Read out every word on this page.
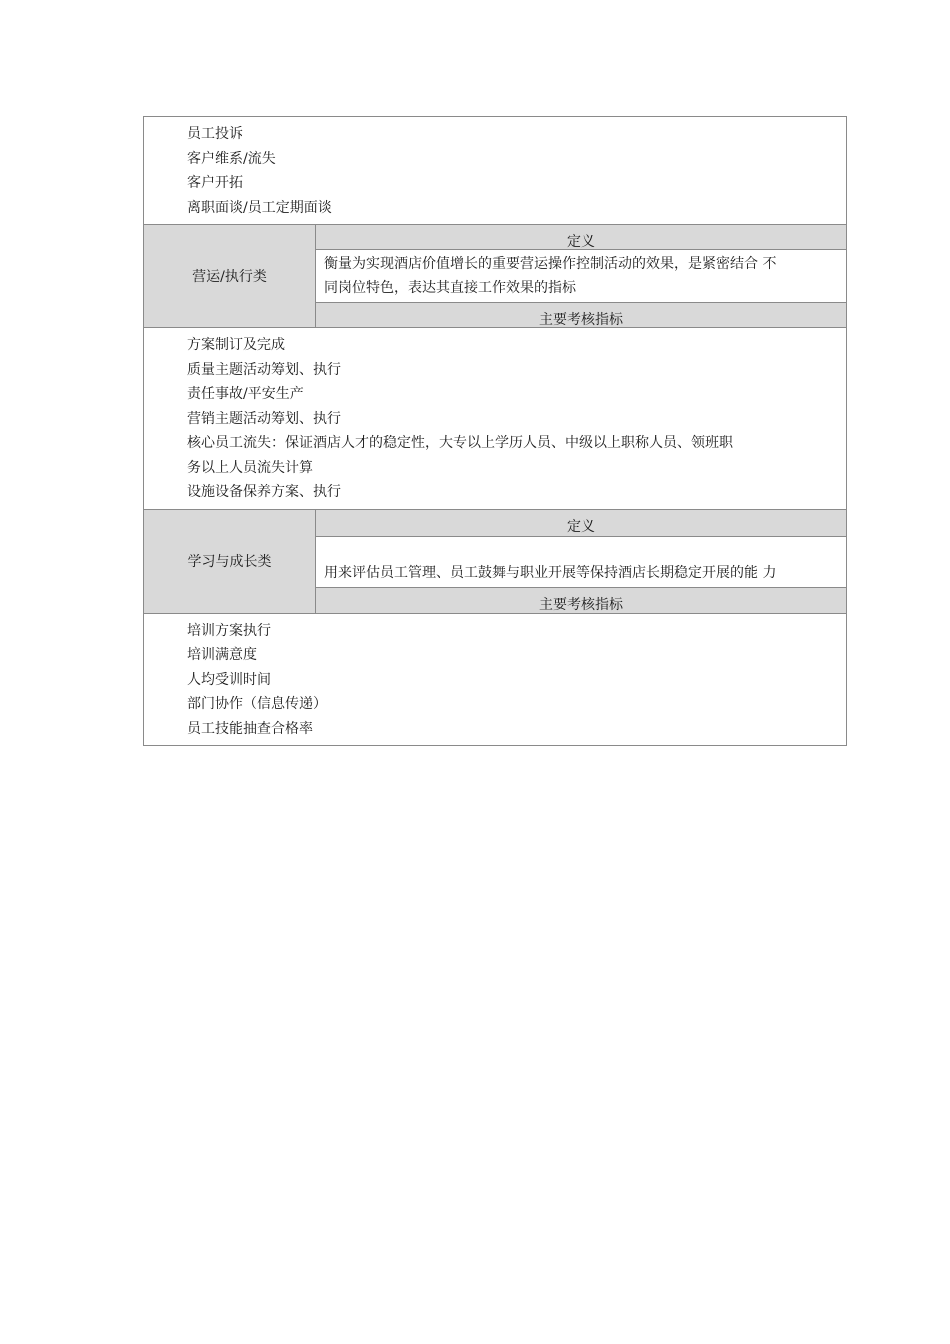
员工投诉
客户维系/流失
客户开拓
离职面谈/员工定期面谈
营运/执行类
定义
衡量为实现酒店价值增长的重要营运操作控制活动的效果，是紧密结合 不
同岗位特色，表达其直接工作效果的指标
主要考核指标
方案制订及完成
质量主题活动筹划、执行
责任事故/平安生产
营销主题活动筹划、执行
核心员工流失：保证酒店人才的稳定性，大专以上学历人员、中级以上职称人员、领班职
务以上人员流失计算
设施设备保养方案、执行
学习与成长类
定义
用来评估员工管理、员工鼓舞与职业开展等保持酒店长期稳定开展的能 力
主要考核指标
培训方案执行
培训满意度
人均受训时间
部门协作（信息传递）
员工技能抽查合格率
